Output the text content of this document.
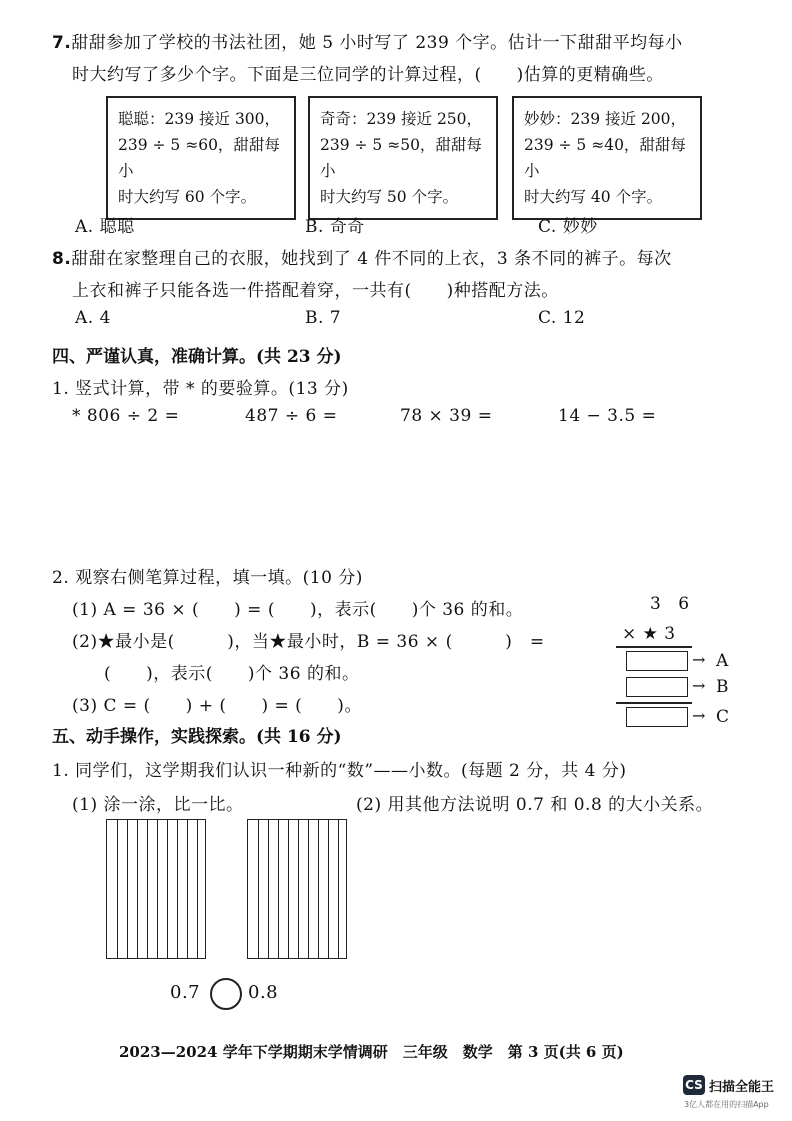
7.甜甜参加了学校的书法社团，她 5 小时写了 239 个字。估计一下甜甜平均每小
时大约写了多少个字。下面是三位同学的计算过程，(　　)估算的更精确些。
聪聪：239 接近 300，
239 ÷ 5 ≈60，甜甜每小
时大约写 60 个字。
奇奇：239 接近 250，
239 ÷ 5 ≈50，甜甜每小
时大约写 50 个字。
妙妙：239 接近 200，
239 ÷ 5 ≈40，甜甜每小
时大约写 40 个字。
A. 聪聪	B. 奇奇	C. 妙妙
8.甜甜在家整理自己的衣服，她找到了 4 件不同的上衣，3 条不同的裤子。每次
上衣和裤子只能各选一件搭配着穿，一共有(　　)种搭配方法。
A. 4	B. 7	C. 12
四、严谨认真，准确计算。(共 23 分)
1. 竖式计算，带 * 的要验算。(13 分)
* 806 ÷ 2 =	487 ÷ 6 =	78 × 39 =	14 − 3.5 =
2. 观察右侧笔算过程，填一填。(10 分)
(1) A = 36 × (　　) = (　　)，表示(　　)个 36 的和。
(2)★最小是(　　　)，当★最小时，B = 36 × (　　　)　=
(　　)，表示(　　)个 36 的和。
(3) C = (　　) + (　　) = (　　)。
3 6
× ★ 3
→ A
→ B
→ C
五、动手操作，实践探索。(共 16 分)
1. 同学们，这学期我们认识一种新的“数”——小数。(每题 2 分，共 4 分)
(1) 涂一涂，比一比。	(2) 用其他方法说明 0.7 和 0.8 的大小关系。
0.7	0.8
2023—2024 学年下学期期末学情调研　三年级　数学　第 3 页(共 6 页)
CS 扫描全能王
3亿人都在用的扫描App
